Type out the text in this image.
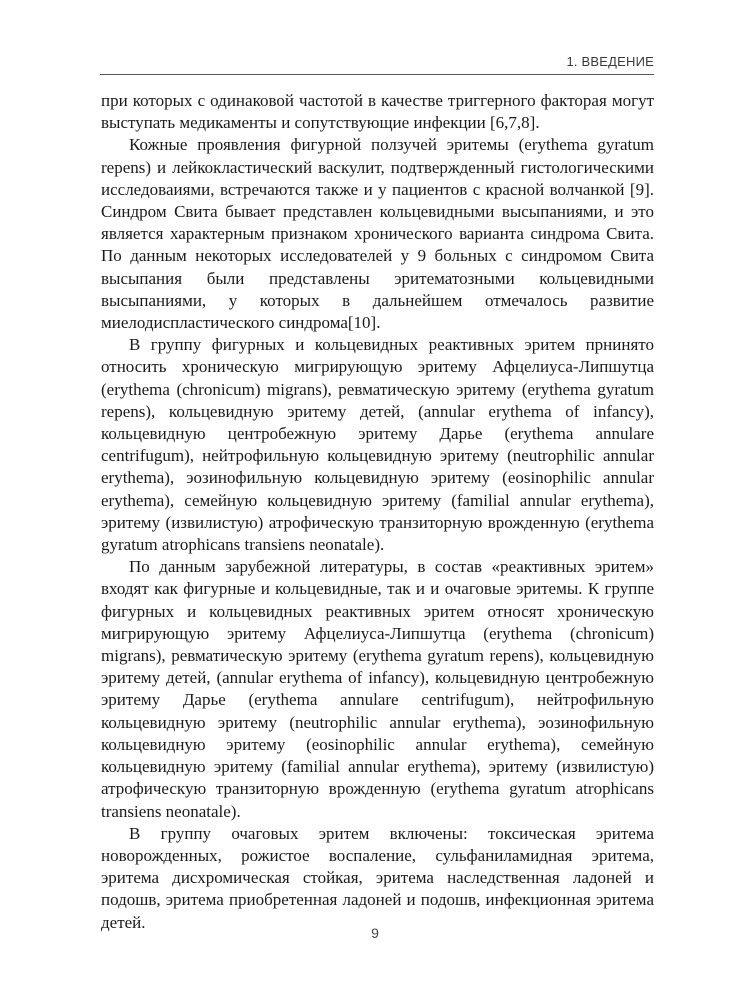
1. ВВЕДЕНИЕ

при которых с одинаковой частотой в качестве триггерного факторая могут выступать медикаменты и сопутствующие инфекции [6,7,8].

Кожные проявления фигурной ползучей эритемы (erythema gyratum repens) и лейкокластический васкулит, подтвержденный гистологическими исследоваиями, встречаются также и у пациентов с красной волчанкой [9]. Синдром Свита бывает представлен кольцевидными высыпаниями, и это является характерным признаком хронического варианта синдрома Свита. По данным некоторых исследователей у 9 больных с синдромом Свита высыпания были представлены эритематозными кольцевидными высыпаниями, у которых в дальнейшем отмечалось развитие миелодиспластического синдрома[10].

В группу фигурных и кольцевидных реактивных эритем прнинято относить хроническую мигрирующую эритему Афцелиуса-Липшутца (erythema (chronicum) migrans), ревматическую эритему (erythema gyratum repens), кольцевидную эритему детей, (annular erythema of infancy), кольцевидную центробежную эритему Дарье (erythema annulare centrifugum), нейтрофильную кольцевидную эритему (neutrophilic annular erythema), эозинофильную кольцевидную эритему (eosinophilic annular erythema), семейную кольцевидную эритему (familial annular erythema), эритему (извилистую) атрофическую транзиторную врожденную (erythema gyratum atrophicans transiens neonatale).

По данным зарубежной литературы, в состав «реактивных эритем» входят как фигурные и кольцевидные, так и и очаговые эритемы. К группе фигурных и кольцевидных реактивных эритем относят хроническую мигрирующую эритему Афцелиуса-Липшутца (erythema (chronicum) migrans), ревматическую эритему (erythema gyratum repens), кольцевидную эритему детей, (annular erythema of infancy), кольцевидную центробежную эритему Дарье (erythema annulare centrifugum), нейтрофильную кольцевидную эритему (neutrophilic annular erythema), эозинофильную кольцевидную эритему (eosinophilic annular erythema), семейную кольцевидную эритему (familial annular erythema), эритему (извилистую) атрофическую транзиторную врожденную (erythema gyratum atrophicans transiens neonatale).

В группу очаговых эритем включены: токсическая эритема новорожденных, рожистое воспаление, сульфаниламидная эритема, эритема дисхромическая стойкая, эритема наследственная ладоней и подошв, эритема приобретенная ладоней и подошв, инфекционная эритема детей.

9
